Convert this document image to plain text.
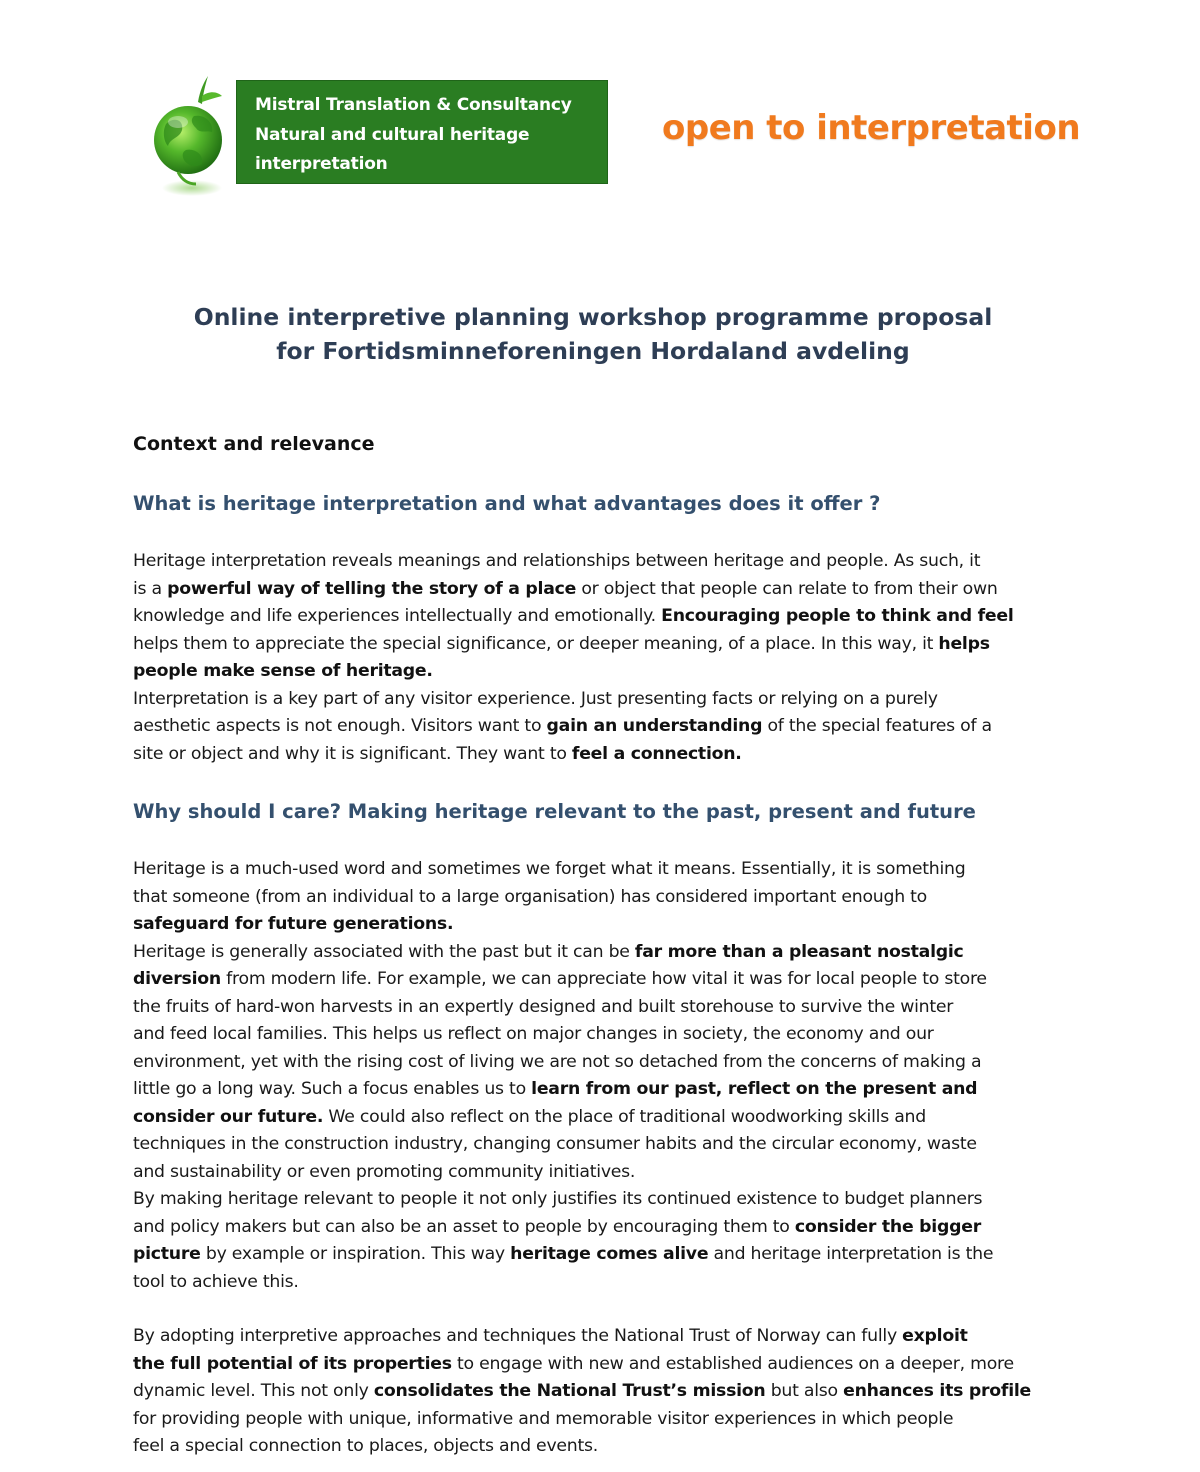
Mistral Translation & Consultancy
Natural and cultural heritage
interpretation
open to interpretation
Online interpretive planning workshop programme proposal
for Fortidsminneforeningen Hordaland avdeling
Context and relevance
What is heritage interpretation and what advantages does it offer ?

Heritage interpretation reveals meanings and relationships between heritage and people. As such, it
is a powerful way of telling the story of a place or object that people can relate to from their own
knowledge and life experiences intellectually and emotionally. Encouraging people to think and feel
helps them to appreciate the special significance, or deeper meaning, of a place. In this way, it helps
people make sense of heritage.
Interpretation is a key part of any visitor experience. Just presenting facts or relying on a purely
aesthetic aspects is not enough. Visitors want to gain an understanding of the special features of a
site or object and why it is significant. They want to feel a connection.

Why should I care? Making heritage relevant to the past, present and future

Heritage is a much-used word and sometimes we forget what it means. Essentially, it is something
that someone (from an individual to a large organisation) has considered important enough to
safeguard for future generations.
Heritage is generally associated with the past but it can be far more than a pleasant nostalgic
diversion from modern life. For example, we can appreciate how vital it was for local people to store
the fruits of hard-won harvests in an expertly designed and built storehouse to survive the winter
and feed local families. This helps us reflect on major changes in society, the economy and our
environment, yet with the rising cost of living we are not so detached from the concerns of making a
little go a long way. Such a focus enables us to learn from our past, reflect on the present and
consider our future. We could also reflect on the place of traditional woodworking skills and
techniques in the construction industry, changing consumer habits and the circular economy, waste
and sustainability or even promoting community initiatives.
By making heritage relevant to people it not only justifies its continued existence to budget planners
and policy makers but can also be an asset to people by encouraging them to consider the bigger
picture by example or inspiration. This way heritage comes alive and heritage interpretation is the
tool to achieve this.

By adopting interpretive approaches and techniques the National Trust of Norway can fully exploit
the full potential of its properties to engage with new and established audiences on a deeper, more
dynamic level. This not only consolidates the National Trust’s mission but also enhances its profile
for providing people with unique, informative and memorable visitor experiences in which people
feel a special connection to places, objects and events.
